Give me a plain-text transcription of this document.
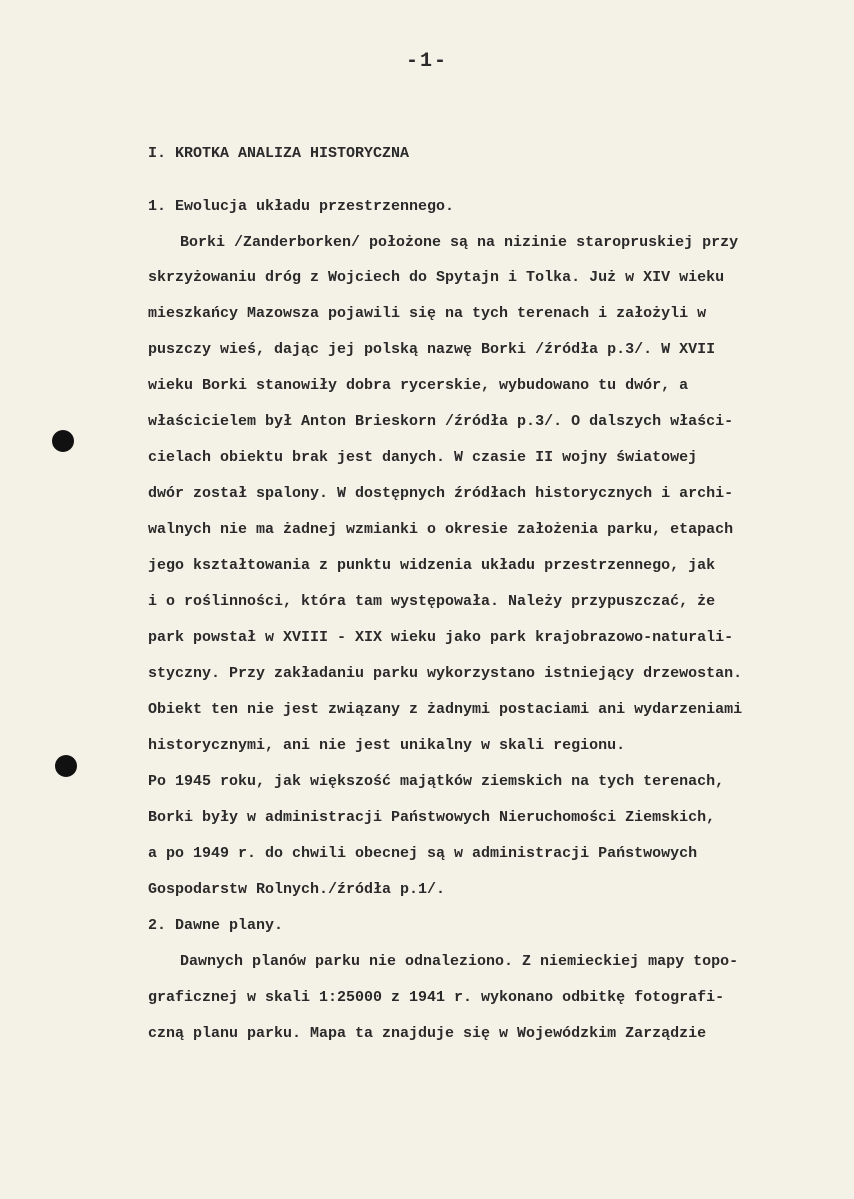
-1-
I. KROTKA ANALIZA HISTORYCZNA
1. Ewolucja układu przestrzennego.
Borki /Zanderborken/ położone są na nizinie staropruskiej przy
skrzyżowaniu dróg z Wojciech do Spytajn i Tolka. Już w XIV wieku
mieszkańcy Mazowsza pojawili się na tych terenach i założyli w
puszczy wieś, dając jej polską nazwę Borki /źródła p.3/. W XVII
wieku Borki stanowiły dobra rycerskie, wybudowano tu dwór, a
właścicielem był Anton Brieskorn /źródła p.3/. O dalszych właści-
cielach obiektu brak jest danych. W czasie II wojny światowej
dwór został spalony. W dostępnych źródłach historycznych i archi-
walnych nie ma żadnej wzmianki o okresie założenia parku, etapach
jego kształtowania z punktu widzenia układu przestrzennego, jak
i o roślinności, która tam występowała. Należy przypuszczać, że
park powstał w XVIII - XIX wieku jako park krajobrazowo-naturali-
styczny. Przy zakładaniu parku wykorzystano istniejący drzewostan.
Obiekt ten nie jest związany z żadnymi postaciami ani wydarzeniami
historycznymi, ani nie jest unikalny w skali regionu.
Po 1945 roku, jak większość majątków ziemskich na tych terenach,
Borki były w administracji Państwowych Nieruchomości Ziemskich,
a po 1949 r. do chwili obecnej są w administracji Państwowych
Gospodarstw Rolnych./źródła p.1/.
2. Dawne plany.
Dawnych planów parku nie odnaleziono. Z niemieckiej mapy topo-
graficznej w skali 1:25000 z 1941 r. wykonano odbitkę fotografi-
czną planu parku. Mapa ta znajduje się w Wojewódzkim Zarządzie
